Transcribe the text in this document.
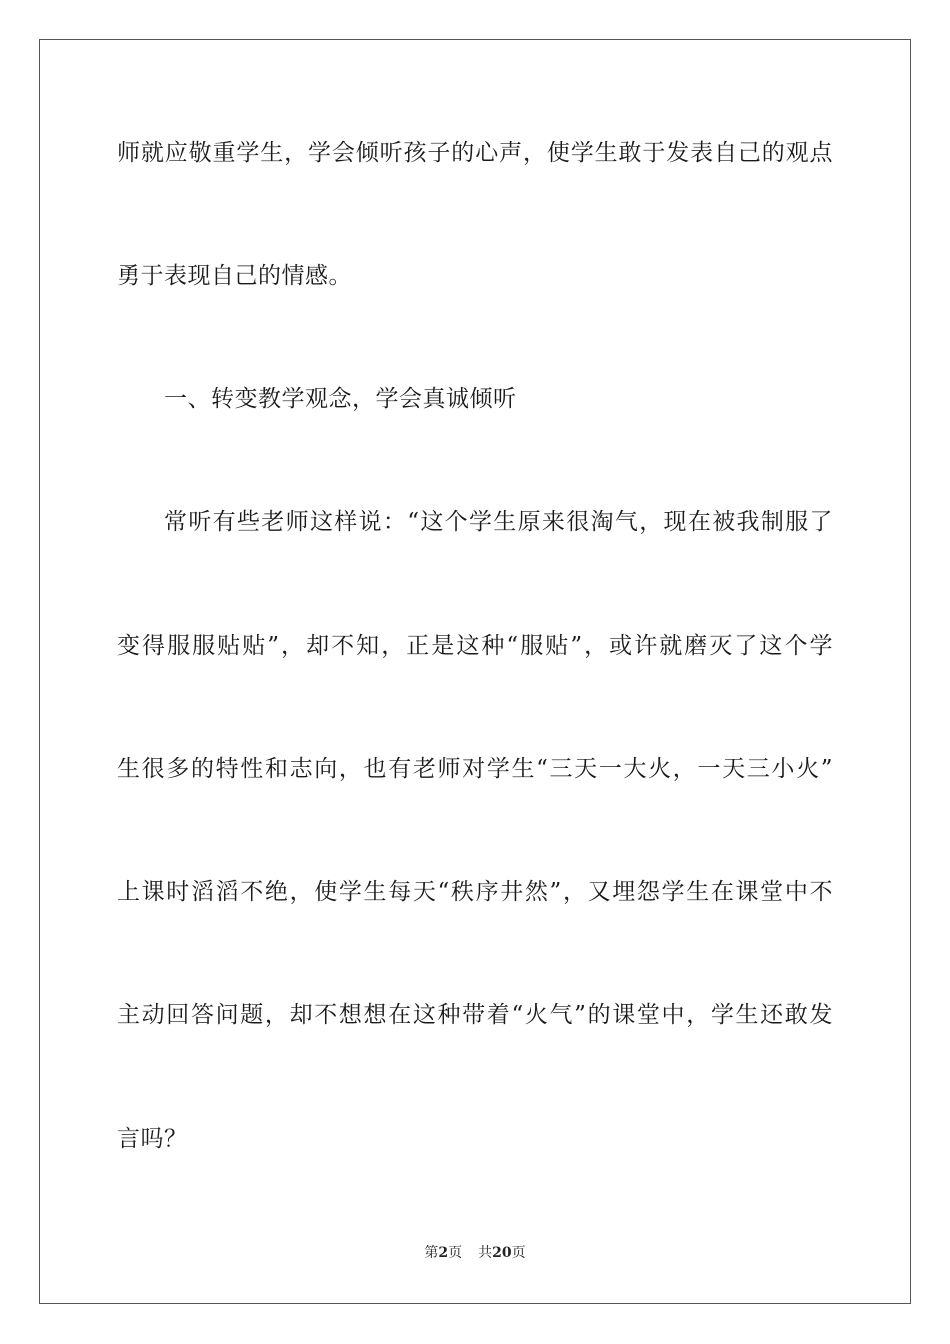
师就应敬重学生，学会倾听孩子的心声，使学生敢于发表自己的观点
勇于表现自己的情感。
一、转变教学观念，学会真诚倾听
常听有些老师这样说：“这个学生原来很淘气，现在被我制服了
变得服服贴贴”，却不知，正是这种“服贴”，或许就磨灭了这个学
生很多的特性和志向，也有老师对学生“三天一大火，一天三小火”
上课时滔滔不绝，使学生每天“秩序井然”，又埋怨学生在课堂中不
主动回答问题，却不想想在这种带着“火气”的课堂中，学生还敢发
言吗？
第2页 共20页
